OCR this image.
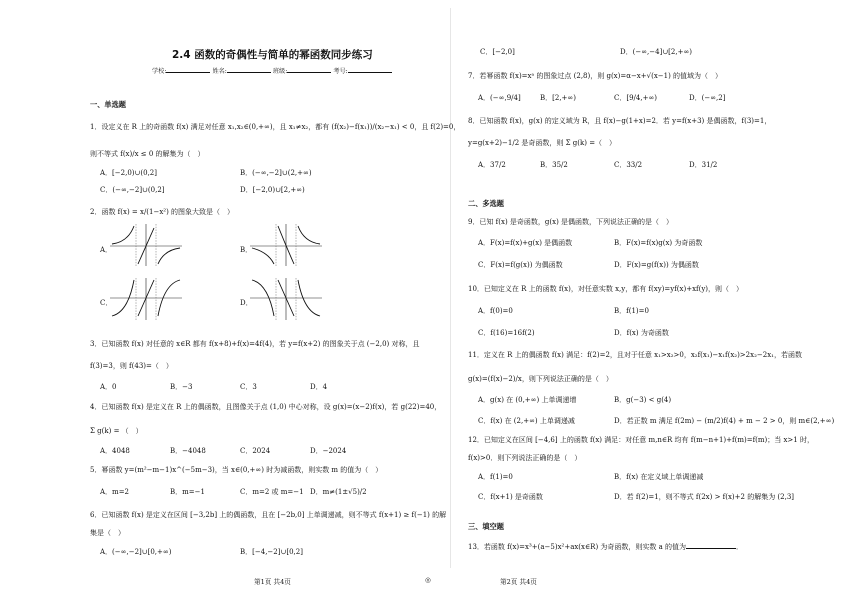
2.4 函数的奇偶性与简单的幂函数同步练习
学校:	姓名:	班级:	考号:
一、单选题
1．设定义在 R 上的奇函数 f(x) 满足对任意 x₁,x₂∈(0,+∞)，且 x₁≠x₂，都有 (f(x₂)−f(x₁))/(x₂−x₁) < 0，且 f(2)=0，
则不等式 f(x)/x ≤ 0 的解集为（　）
A．[−2,0)∪(0,2]	B．(−∞,−2]∪(2,+∞)
C．(−∞,−2]∪(0,2]	D．[−2,0)∪[2,+∞)
2．函数 f(x) = x/(1−x²) 的图象大致是（　）
A．	B．
C．	D．
3．已知函数 f(x) 对任意的 x∈R 都有 f(x+8)+f(x)=4f(4)，若 y=f(x+2) 的图象关于点 (−2,0) 对称，且
f(3)=3，则 f(43)=（　）
A．0	B．−3	C．3	D．4
4．已知函数 f(x) 是定义在 R 上的偶函数，且图像关于点 (1,0) 中心对称，设 g(x)=(x−2)f(x)，若 g(22)=40，
Σ g(k) = （　）
A．4048	B．−4048	C．2024	D．−2024
5．幂函数 y=(m²−m−1)x^(−5m−3)，当 x∈(0,+∞) 时为减函数，则实数 m 的值为（　）
A．m=2	B．m=−1	C．m=2 或 m=−1 D．m≠(1±√5)/2
6．已知函数 f(x) 是定义在区间 [−3,2b] 上的偶函数，且在 [−2b,0] 上单调递减，则不等式 f(x+1) ≥ f(−1) 的解
集是（　）
A．(−∞,−2]∪[0,+∞)	B．[−4,−2]∪[0,2]
C．[−2,0]	D．(−∞,−4]∪[2,+∞)
7．若幂函数 f(x)=xᵃ 的图象过点 (2,8)，则 g(x)=α−x+√(x−1) 的值域为（　）
A．(−∞,9/4]	B．[2,+∞)	C．[9/4,+∞)	D．(−∞,2]
8．已知函数 f(x)，g(x) 的定义域为 R，且 f(x)−g(1+x)=2．若 y=f(x+3) 是偶函数，f(3)=1，
y=g(x+2)−1/2 是奇函数，则 Σ g(k) =（　）
A．37/2	B．35/2	C．33/2	D．31/2
二、多选题
9．已知 f(x) 是奇函数，g(x) 是偶函数，下列说法正确的是（　）
A．F(x)=f(x)+g(x) 是偶函数	B．F(x)=f(x)g(x) 为奇函数
C．F(x)=f(g(x)) 为偶函数	D．F(x)=g(f(x)) 为偶函数
10．已知定义在 R 上的函数 f(x)，对任意实数 x,y，都有 f(xy)=yf(x)+xf(y)，则（　）
A．f(0)=0	B．f(1)=0
C．f(16)=16f(2)	D．f(x) 为奇函数
11．定义在 R 上的偶函数 f(x) 满足：f(2)=2，且对于任意 x₁>x₂>0，x₂f(x₁)−x₁f(x₂)>2x₂−2x₁，若函数
g(x)=(f(x)−2)/x，则下列说法正确的是（　）
A．g(x) 在 (0,+∞) 上单调递增	B．g(−3) < g(4)
C．f(x) 在 (2,+∞) 上单调递减	D．若正数 m 满足 f(2m) − (m/2)f(4) + m − 2 > 0，则 m∈(2,+∞)
12．已知定义在区间 [−4,6] 上的函数 f(x) 满足：对任意 m,n∈R 均有 f(m−n+1)+f(m)=f(m)；当 x>1 时，
f(x)>0．则下列说法正确的是（　）
A．f(1)=0	B．f(x) 在定义域上单调递减
C．f(x+1) 是奇函数	D．若 f(2)=1，则不等式 f(2x) > f(x)+2 的解集为 (2,3]
三、填空题
13．若函数 f(x)=x³+(a−5)x²+ax(x∈R) 为奇函数，则实数 a 的值为	．
第1页 共4页	◎	第2页 共4页
